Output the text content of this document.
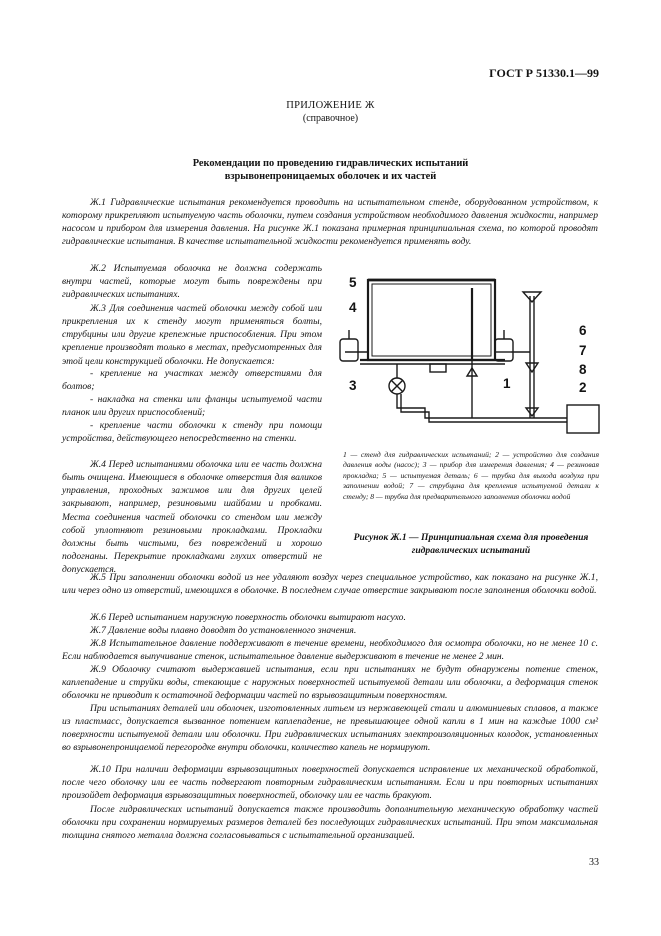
ГОСТ Р 51330.1—99
ПРИЛОЖЕНИЕ Ж
(справочное)
Рекомендации по проведению гидравлических испытаний
взрывонепроницаемых оболочек и их частей
Ж.1 Гидравлические испытания рекомендуется проводить на испытательном стенде, оборудованном устройством, к которому прикрепляют испытуемую часть оболочки, путем создания устройством необходимого давления жидкости, например насосом и прибором для измерения давления. На рисунке Ж.1 показана примерная принципиальная схема, по которой проводят гидравлические испытания. В качестве испытательной жидкости рекомендуется применять воду.
Ж.2 Испытуемая оболочка не должна содержать внутри частей, которые могут быть повреждены при гидравлических испытаниях.
Ж.3 Для соединения частей оболочки между собой или прикрепления их к стенду могут применяться болты, струбцины или другие крепежные приспособления. При этом крепление производят только в местах, предусмотренных для этой цели конструкцией оболочки. Не допускается:
- крепление на участках между отверстиями для болтов;
- накладка на стенки или фланцы испытуемой части планок или других приспособлений;
- крепление части оболочки к стенду при помощи устройства, действующего непосредственно на стенки.
Ж.4 Перед испытаниями оболочка или ее часть должна быть очищена. Имеющиеся в оболочке отверстия для валиков управления, проходных зажимов или для других целей закрывают, например, резиновыми шайбами и пробками. Места соединения частей оболочки со стендом или между собой уплотняют резиновыми прокладками. Прокладки должны быть чистыми, без повреждений и хорошо подогнаны. Перекрытие прокладками глухих отверстий не допускается.
5
4
3
6
7
8
1	2
1 — стенд для гидравлических испытаний; 2 — устройство для создания давления воды (насос); 3 — прибор для измерения давления; 4 — резиновая прокладка; 5 — испытуемая деталь; 6 — трубка для выхода воздуха при заполнении водой; 7 — струбцина для крепления испытуемой детали к стенду; 8 — трубка для предварительного заполнения оболочки водой
Рисунок Ж.1 — Принципиальная схема для проведения гидравлических испытаний
Ж.5 При заполнении оболочки водой из нее удаляют воздух через специальное устройство, как показано на рисунке Ж.1, или через одно из отверстий, имеющихся в оболочке. В последнем случае отверстие закрывают после заполнения оболочки водой.
Ж.6 Перед испытанием наружную поверхность оболочки вытирают насухо.
Ж.7 Давление воды плавно доводят до установленного значения.
Ж.8 Испытательное давление поддерживают в течение времени, необходимого для осмотра оболочки, но не менее 10 с. Если наблюдается выпучивание стенок, испытательное давление выдерживают в течение не менее 2 мин.
Ж.9 Оболочку считают выдержавшей испытания, если при испытаниях не будут обнаружены потение стенок, каплепадение и струйки воды, стекающие с наружных поверхностей испытуемой детали или оболочки, а деформация стенок оболочки не приводит к остаточной деформации частей по взрывозащитным поверхностям.
При испытаниях деталей или оболочек, изготовленных литьем из нержавеющей стали и алюминиевых сплавов, а также из пластмасс, допускается вызванное потением каплепадение, не превышающее одной капли в 1 мин на каждые 1000 см² поверхности испытуемой детали или оболочки. При гидравлических испытаниях электроизоляционных колодок, установленных во взрывонепроницаемой перегородке внутри оболочки, количество капель не нормируют.
Ж.10 При наличии деформации взрывозащитных поверхностей допускается исправление их механической обработкой, после чего оболочку или ее часть подвергают повторным гидравлическим испытаниям. Если и при повторных испытаниях произойдет деформация взрывозащитных поверхностей, оболочку или ее часть бракуют.
После гидравлических испытаний допускается также производить дополнительную механическую обработку частей оболочки при сохранении нормируемых размеров деталей без последующих гидравлических испытаний. При этом максимальная толщина снятого металла должна согласовываться с испытательной организацией.
33
